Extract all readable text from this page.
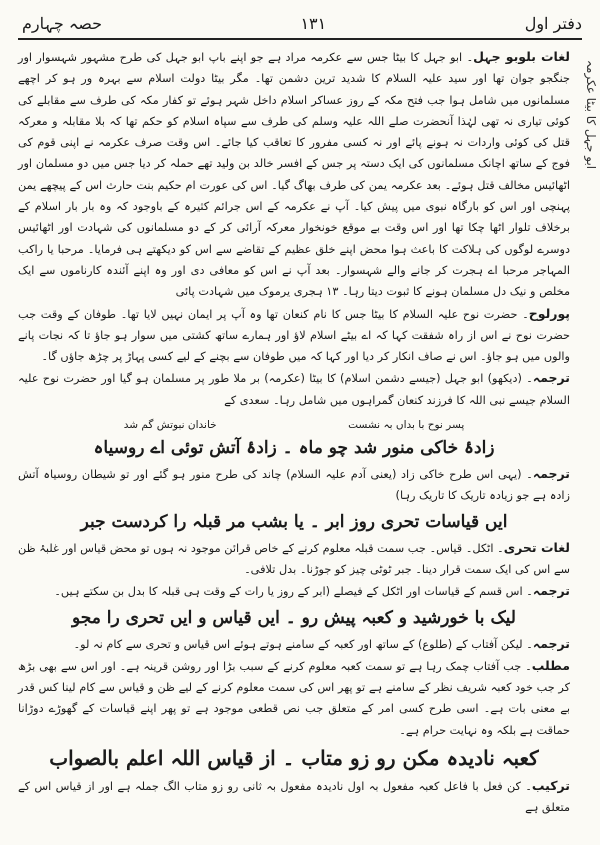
حصہ چہارم	۱۳۱	دفتر اول
ابو جہل کا بیٹا عکرمہ

لغات بلوبو جہل۔ ابو جہل کا بیٹا جس سے عکرمہ مراد ہے جو اپنے باپ ابو جہل کی طرح مشہور شہسوار اور جنگجو جوان تھا اور سید علیہ السلام کا شدید ترین دشمن تھا۔ مگر بیٹا دولت اسلام سے بہرہ ور ہو کر اچھے مسلمانوں میں شامل ہوا جب فتح مکہ کے روز عساکر اسلام داخل شہر ہوئے تو کفار مکہ کی طرف سے مقابلے کی کوئی تیاری نہ تھی لہٰذا آنحضرت صلے اللہ علیہ وسلم کی طرف سے سپاہ اسلام کو حکم تھا کہ بلا مقابلہ و معرکہ قتل کی کوئی واردات نہ ہونے پائے اور نہ کسی مفرور کا تعاقب کیا جائے۔ اس وقت صرف عکرمہ نے اپنی قوم کی فوج کے ساتھ اچانک مسلمانوں کی ایک دستہ پر جس کے افسر خالد بن ولید تھے حملہ کر دیا جس میں دو مسلمان اور اٹھائیس مخالف قتل ہوئے۔ بعد عکرمہ یمن کی طرف بھاگ گیا۔ اس کی عورت ام حکیم بنت حارث اس کے پیچھے یمن پہنچی اور اس کو بارگاہ نبوی میں پیش کیا۔ آپ نے عکرمہ کے اس جرائم کثیرہ کے باوجود کہ وہ بار بار اسلام کے برخلاف تلوار اٹھا چکا تھا اور اس وقت بے موقع خونخوار معرکہ آرائی کر کے دو مسلمانوں کی شہادت اور اٹھائیس دوسرے لوگوں کی ہلاکت کا باعث ہوا محض اپنے خلق عظیم کے تقاضے سے اس کو دیکھتے ہی فرمایا۔ مرحبا یا راکب المہاجر مرحبا اے ہجرت کر جانے والے شہسوار۔ بعد آپ نے اس کو معافی دی اور وہ اپنے آئندہ کارناموں سے ایک مخلص و نیک دل مسلمان ہونے کا ثبوت دیتا رہا۔ ۱۳ ہجری یرموک میں شہادت پائی

پورلوح۔ حضرت نوح علیہ السلام کا بیٹا جس کا نام کنعان تھا وہ آپ پر ایمان نہیں لایا تھا۔ طوفان کے وقت جب حضرت نوح نے اس از راہ شفقت کہا کہ اے بیٹے اسلام لاؤ اور ہمارے ساتھ کشتی میں سوار ہو جاؤ تا کہ نجات پانے والوں میں ہو جاؤ۔ اس نے صاف انکار کر دیا اور کہا کہ میں طوفان سے بچنے کے لیے کسی پہاڑ پر چڑھ جاؤں گا۔

ترجمہ۔ (دیکھو) ابو جہل (جیسے دشمن اسلام) کا بیٹا (عکرمہ) بر ملا طور پر مسلمان ہو گیا اور حضرت نوح علیہ السلام جیسے نبی اللہ کا فرزند کنعان گمراہوں میں شامل رہا۔ سعدی کے

پسر نوح با بداں بہ نشست
خاندان نبوتش گم شد
زادۂ خاکی منور شد چو ماہ ۔ زادۂ آتش توئی اے روسیاہ

ترجمہ۔ (یہی اس طرح خاکی زاد (یعنی آدم علیہ السلام) چاند کی طرح منور ہو گئے اور تو شیطان روسیاہ آتش زادہ ہے جو زیادہ تاریک کا تاریک رہا)

ایں قیاسات تحری روز ابر ۔ یا بشب مر قبلہ را کردست جبر

لغات تحری۔ اٹکل۔ قیاس۔ جب سمت قبلہ معلوم کرنے کے خاص قرائن موجود نہ ہوں تو محض قیاس اور غلبۂ ظن سے اس کی ایک سمت قرار دینا۔ جبر ٹوٹی چیز کو جوڑنا۔ بدل تلافی۔

ترجمہ۔ اس قسم کے قیاسات اور اٹکل کے فیصلے (ابر کے روز یا رات کے وقت ہی قبلہ کا بدل بن سکتے ہیں۔

لیک با خورشید و کعبہ پیش رو ۔ ایں قیاس و ایں تحری را مجو

ترجمہ۔ لیکن آفتاب کے (طلوع) کے ساتھ اور کعبہ کے سامنے ہوتے ہوئے اس قیاس و تحری سے کام نہ لو۔

مطلب۔ جب آفتاب چمک رہا ہے تو سمت کعبہ معلوم کرنے کے سبب بڑا اور روشن قرینہ ہے۔ اور اس سے بھی بڑھ کر جب خود کعبہ شریف نظر کے سامنے ہے تو پھر اس کی سمت معلوم کرنے کے لیے ظن و قیاس سے کام لینا کس قدر بے معنی بات ہے۔ اسی طرح کسی امر کے متعلق جب نص قطعی موجود ہے تو پھر اپنے قیاسات کے گھوڑے دوڑانا حماقت ہے بلکہ وہ نہایت حرام ہے۔

کعبہ نادیدہ مکن رو زو متاب ۔ از قیاس اللہ اعلم بالصواب

ترکیب۔ کن فعل با فاعل کعبہ مفعول بہ اول نادیدہ مفعول بہ ثانی رو زو متاب الگ جملہ ہے اور از قیاس اس کے متعلق ہے
